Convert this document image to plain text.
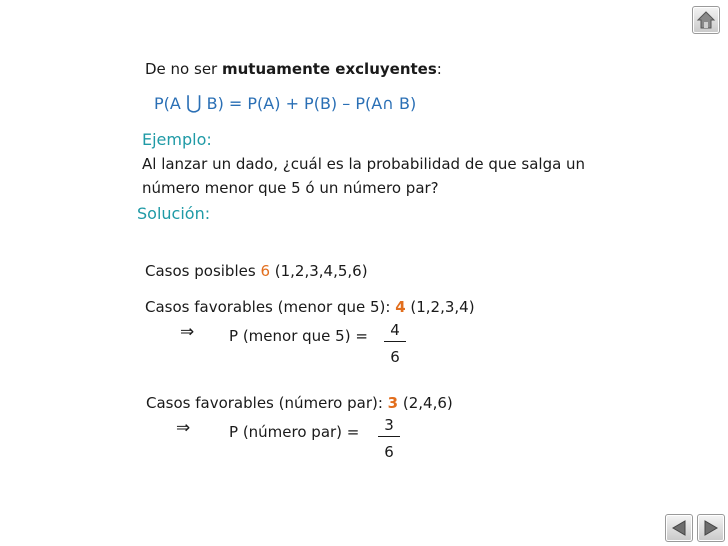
De no ser mutuamente excluyentes:
P(A ⋃ B) = P(A) + P(B) – P(A∩ B)
Ejemplo:
Al lanzar un dado, ¿cuál es la probabilidad de que salga un
número menor que 5 ó un número par?
Solución:
Casos posibles 6 (1,2,3,4,5,6)
Casos favorables (menor que 5): 4 (1,2,3,4)
⇒ P (menor que $5) = \frac{4}{6}$
Casos favorables (número par): 3 (2,4,6)
⇒	P (número $par) = \frac{3}{6}$
